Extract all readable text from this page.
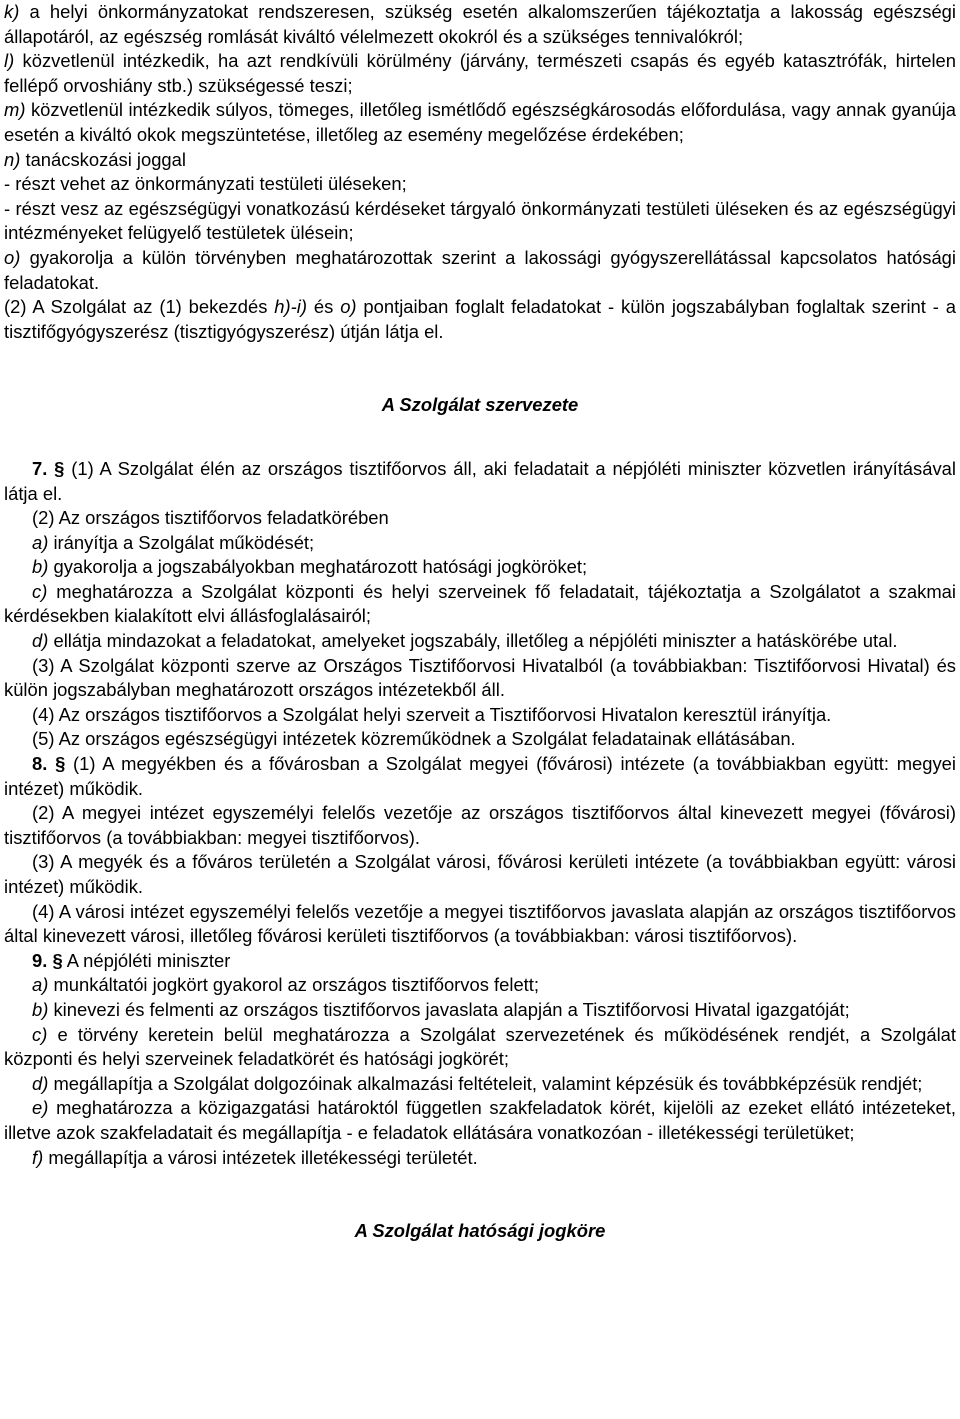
k) a helyi önkormányzatokat rendszeresen, szükség esetén alkalomszerűen tájékoztatja a lakosság egészségi állapotáról, az egészség romlását kiváltó vélelmezett okokról és a szükséges tennivalókról;

l) közvetlenül intézkedik, ha azt rendkívüli körülmény (járvány, természeti csapás és egyéb katasztrófák, hirtelen fellépő orvoshiány stb.) szükségessé teszi;

m) közvetlenül intézkedik súlyos, tömeges, illetőleg ismétlődő egészségkárosodás előfordulása, vagy annak gyanúja esetén a kiváltó okok megszüntetése, illetőleg az esemény megelőzése érdekében;

n) tanácskozási joggal

- részt vehet az önkormányzati testületi üléseken;

- részt vesz az egészségügyi vonatkozású kérdéseket tárgyaló önkormányzati testületi üléseken és az egészségügyi intézményeket felügyelő testületek ülésein;

o) gyakorolja a külön törvényben meghatározottak szerint a lakossági gyógyszerellátással kapcsolatos hatósági feladatokat.

(2) A Szolgálat az (1) bekezdés h)-i) és o) pontjaiban foglalt feladatokat - külön jogszabályban foglaltak szerint - a tisztifőgyógyszerész (tisztigyógyszerész) útján látja el.

A Szolgálat szervezete

7. § (1) A Szolgálat élén az országos tisztifőorvos áll, aki feladatait a népjóléti miniszter közvetlen irányításával látja el.

(2) Az országos tisztifőorvos feladatkörében

a) irányítja a Szolgálat működését;

b) gyakorolja a jogszabályokban meghatározott hatósági jogköröket;

c) meghatározza a Szolgálat központi és helyi szerveinek fő feladatait, tájékoztatja a Szolgálatot a szakmai kérdésekben kialakított elvi állásfoglalásairól;

d) ellátja mindazokat a feladatokat, amelyeket jogszabály, illetőleg a népjóléti miniszter a hatáskörébe utal.

(3) A Szolgálat központi szerve az Országos Tisztifőorvosi Hivatalból (a továbbiakban: Tisztifőorvosi Hivatal) és külön jogszabályban meghatározott országos intézetekből áll.

(4) Az országos tisztifőorvos a Szolgálat helyi szerveit a Tisztifőorvosi Hivatalon keresztül irányítja.

(5) Az országos egészségügyi intézetek közreműködnek a Szolgálat feladatainak ellátásában.

8. § (1) A megyékben és a fővárosban a Szolgálat megyei (fővárosi) intézete (a továbbiakban együtt: megyei intézet) működik.

(2) A megyei intézet egyszemélyi felelős vezetője az országos tisztifőorvos által kinevezett megyei (fővárosi) tisztifőorvos (a továbbiakban: megyei tisztifőorvos).

(3) A megyék és a főváros területén a Szolgálat városi, fővárosi kerületi intézete (a továbbiakban együtt: városi intézet) működik.

(4) A városi intézet egyszemélyi felelős vezetője a megyei tisztifőorvos javaslata alapján az országos tisztifőorvos által kinevezett városi, illetőleg fővárosi kerületi tisztifőorvos (a továbbiakban: városi tisztifőorvos).

9. § A népjóléti miniszter

a) munkáltatói jogkört gyakorol az országos tisztifőorvos felett;

b) kinevezi és felmenti az országos tisztifőorvos javaslata alapján a Tisztifőorvosi Hivatal igazgatóját;

c) e törvény keretein belül meghatározza a Szolgálat szervezetének és működésének rendjét, a Szolgálat központi és helyi szerveinek feladatkörét és hatósági jogkörét;

d) megállapítja a Szolgálat dolgozóinak alkalmazási feltételeit, valamint képzésük és továbbképzésük rendjét;

e) meghatározza a közigazgatási határoktól független szakfeladatok körét, kijelöli az ezeket ellátó intézeteket, illetve azok szakfeladatait és megállapítja - e feladatok ellátására vonatkozóan - illetékességi területüket;

f) megállapítja a városi intézetek illetékességi területét.

A Szolgálat hatósági jogköre
